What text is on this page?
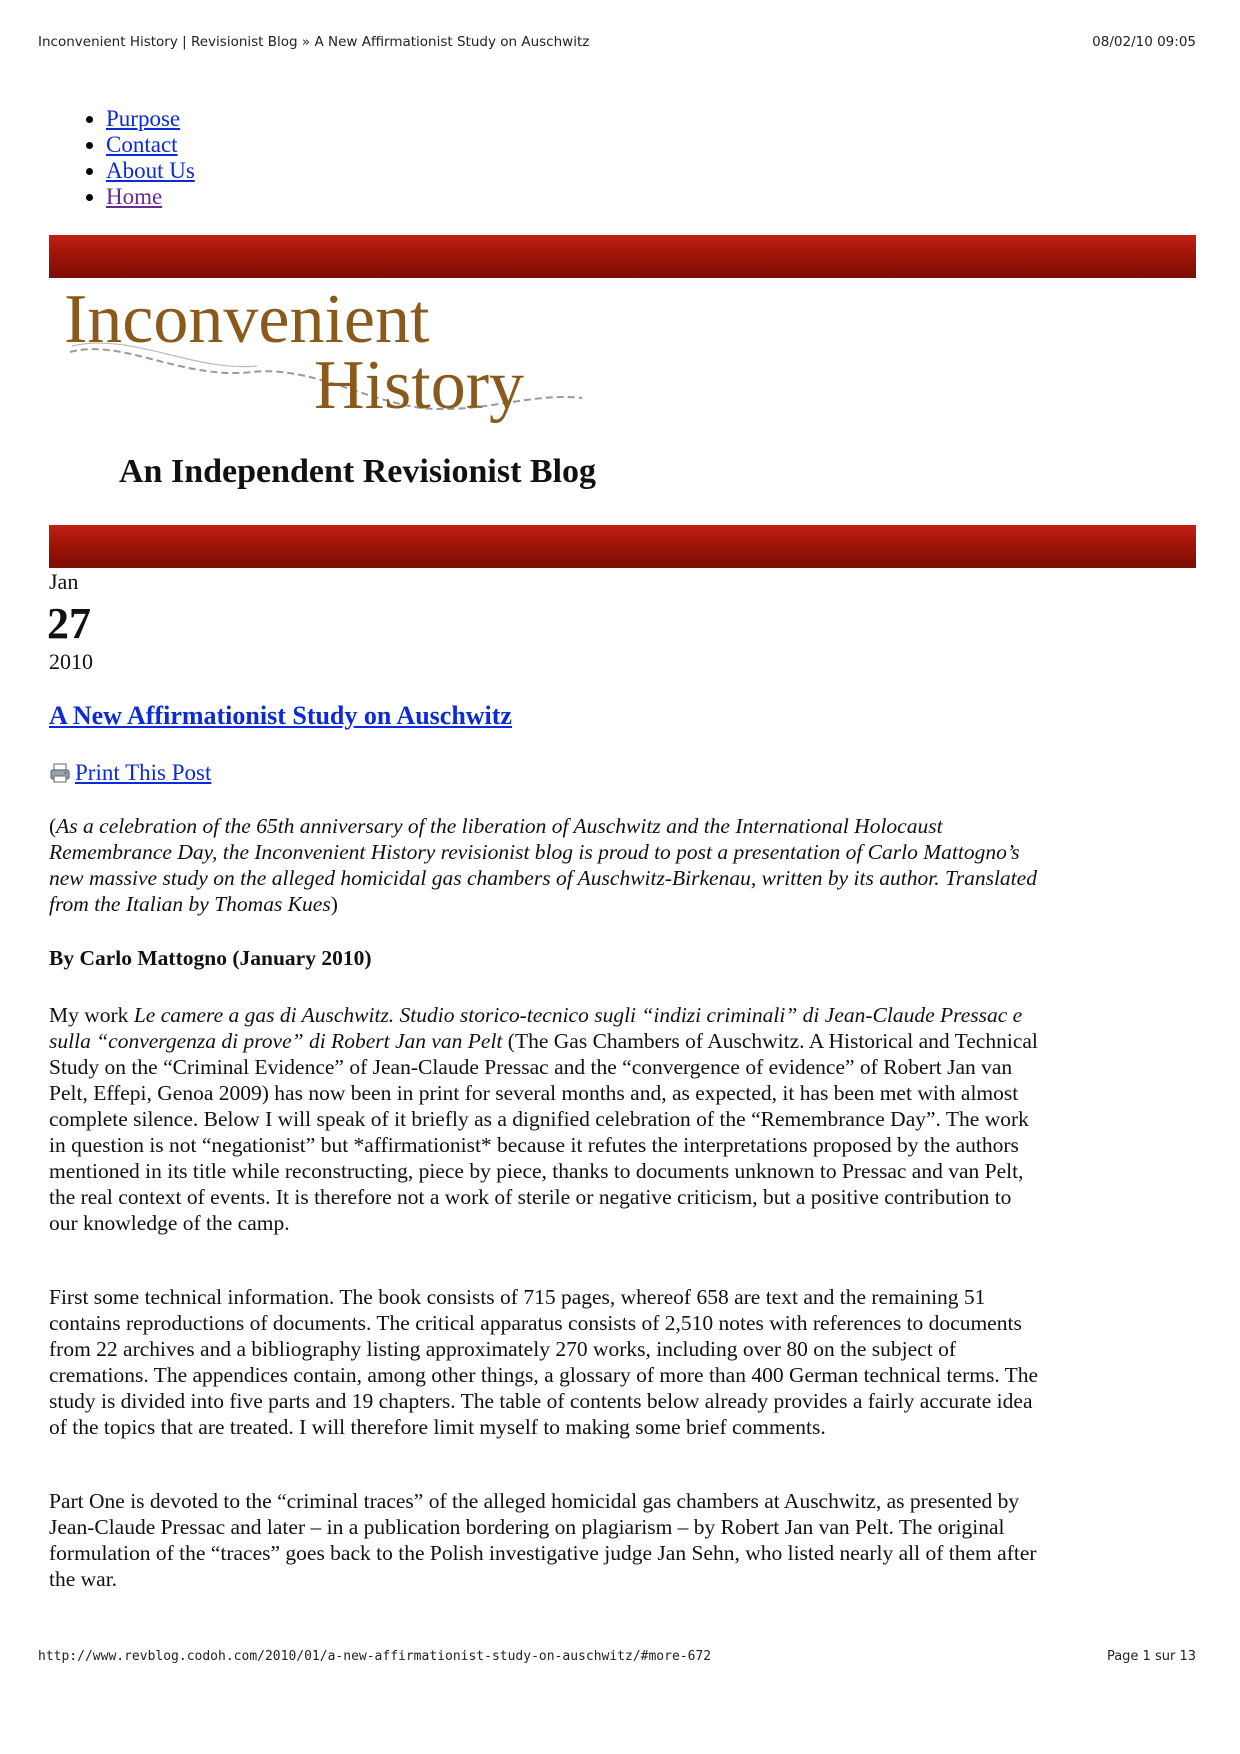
Inconvenient History | Revisionist Blog » A New Affirmationist Study on Auschwitz	08/02/10 09:05
• Purpose
• Contact
• About Us
• Home
Inconvenient
History
An Independent Revisionist Blog
Jan
27
2010
A New Affirmationist Study on Auschwitz
Print This Post

(As a celebration of the 65th anniversary of the liberation of Auschwitz and the International Holocaust Remembrance Day, the Inconvenient History revisionist blog is proud to post a presentation of Carlo Mattogno’s new massive study on the alleged homicidal gas chambers of Auschwitz-Birkenau, written by its author. Translated from the Italian by Thomas Kues)

By Carlo Mattogno (January 2010)

My work Le camere a gas di Auschwitz. Studio storico-tecnico sugli “indizi criminali” di Jean-Claude Pressac e sulla “convergenza di prove” di Robert Jan van Pelt (The Gas Chambers of Auschwitz. A Historical and Technical Study on the “Criminal Evidence” of Jean-Claude Pressac and the “convergence of evidence” of Robert Jan van Pelt, Effepi, Genoa 2009) has now been in print for several months and, as expected, it has been met with almost complete silence. Below I will speak of it briefly as a dignified celebration of the “Remembrance Day”. The work in question is not “negationist” but *affirmationist* because it refutes the interpretations proposed by the authors mentioned in its title while reconstructing, piece by piece, thanks to documents unknown to Pressac and van Pelt, the real context of events. It is therefore not a work of sterile or negative criticism, but a positive contribution to our knowledge of the camp.

First some technical information. The book consists of 715 pages, whereof 658 are text and the remaining 51 contains reproductions of documents. The critical apparatus consists of 2,510 notes with references to documents from 22 archives and a bibliography listing approximately 270 works, including over 80 on the subject of cremations. The appendices contain, among other things, a glossary of more than 400 German technical terms. The study is divided into five parts and 19 chapters. The table of contents below already provides a fairly accurate idea of the topics that are treated. I will therefore limit myself to making some brief comments.

Part One is devoted to the “criminal traces” of the alleged homicidal gas chambers at Auschwitz, as presented by Jean-Claude Pressac and later – in a publication bordering on plagiarism – by Robert Jan van Pelt. The original formulation of the “traces” goes back to the Polish investigative judge Jan Sehn, who listed nearly all of them after the war.

http://www.revblog.codoh.com/2010/01/a-new-affirmationist-study-on-auschwitz/#more-672	Page 1 sur 13
